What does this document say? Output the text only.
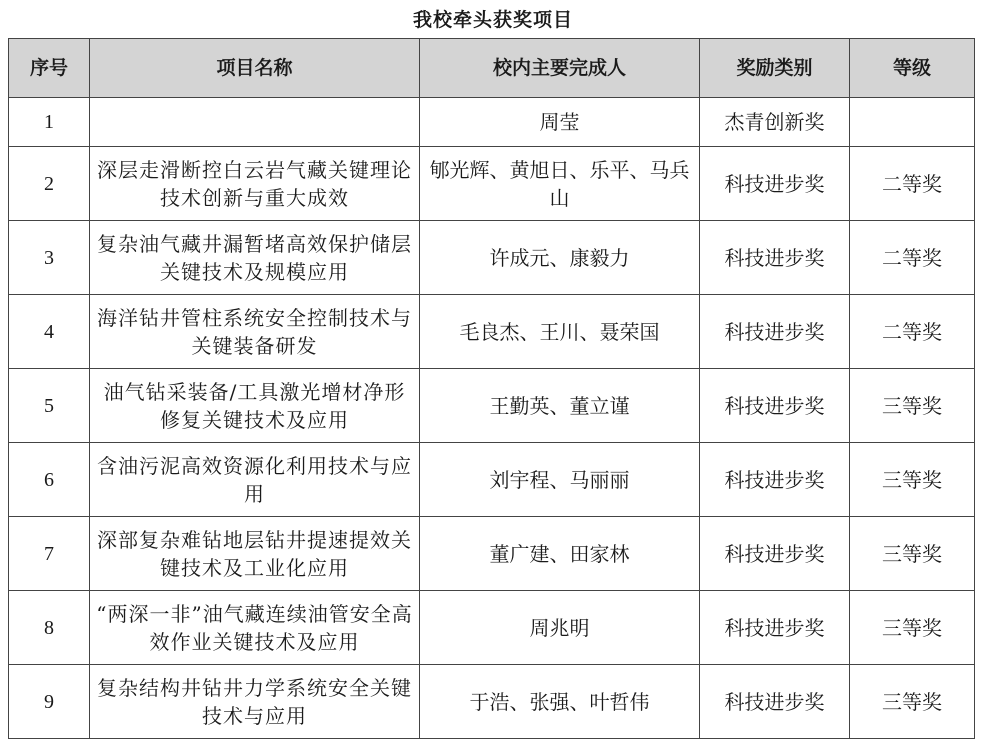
我校牵头获奖项目
序号	项目名称	校内主要完成人	奖励类别	等级
1		周莹	杰青创新奖	
2	深层走滑断控白云岩气藏关键理论技术创新与重大成效	郇光辉、黄旭日、乐平、马兵山	科技进步奖	二等奖
3	复杂油气藏井漏暂堵高效保护储层关键技术及规模应用	许成元、康毅力	科技进步奖	二等奖
4	海洋钻井管柱系统安全控制技术与关键装备研发	毛良杰、王川、聂荣国	科技进步奖	二等奖
5	油气钻采装备/工具激光增材净形修复关键技术及应用	王勤英、董立谨	科技进步奖	三等奖
6	含油污泥高效资源化利用技术与应用	刘宇程、马丽丽	科技进步奖	三等奖
7	深部复杂难钻地层钻井提速提效关键技术及工业化应用	董广建、田家林	科技进步奖	三等奖
8	“两深一非”油气藏连续油管安全高效作业关键技术及应用	周兆明	科技进步奖	三等奖
9	复杂结构井钻井力学系统安全关键技术与应用	于浩、张强、叶哲伟	科技进步奖	三等奖
